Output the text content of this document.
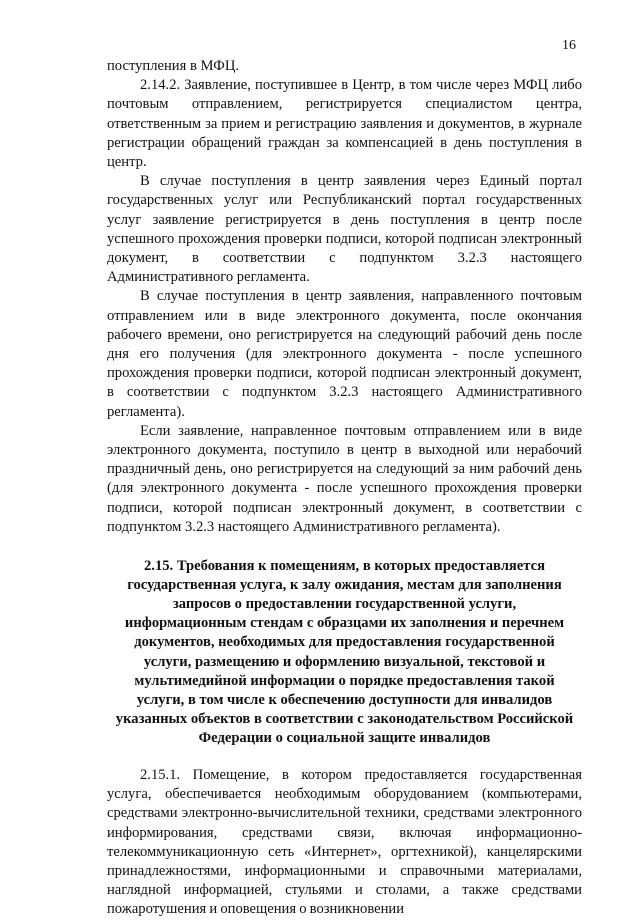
16

поступления в МФЦ.

2.14.2. Заявление, поступившее в Центр, в том числе через МФЦ либо почтовым отправлением, регистрируется специалистом центра, ответственным за прием и регистрацию заявления и документов, в журнале регистрации обращений граждан за компенсацией в день поступления в центр.

В случае поступления в центр заявления через Единый портал государственных услуг или Республиканский портал государственных услуг заявление регистрируется в день поступления в центр после успешного прохождения проверки подписи, которой подписан электронный документ, в соответствии с подпунктом 3.2.3 настоящего Административного регламента.

В случае поступления в центр заявления, направленного почтовым отправлением или в виде электронного документа, после окончания рабочего времени, оно регистрируется на следующий рабочий день после дня его получения (для электронного документа - после успешного прохождения проверки подписи, которой подписан электронный документ, в соответствии с подпунктом 3.2.3 настоящего Административного регламента).

Если заявление, направленное почтовым отправлением или в виде электронного документа, поступило в центр в выходной или нерабочий праздничный день, оно регистрируется на следующий за ним рабочий день (для электронного документа - после успешного прохождения проверки подписи, которой подписан электронный документ, в соответствии с подпунктом 3.2.3 настоящего Административного регламента).

2.15. Требования к помещениям, в которых предоставляется государственная услуга, к залу ожидания, местам для заполнения запросов о предоставлении государственной услуги, информационным стендам с образцами их заполнения и перечнем документов, необходимых для предоставления государственной услуги, размещению и оформлению визуальной, текстовой и мультимедийной информации о порядке предоставления такой услуги, в том числе к обеспечению доступности для инвалидов указанных объектов в соответствии с законодательством Российской Федерации о социальной защите инвалидов

2.15.1. Помещение, в котором предоставляется государственная услуга, обеспечивается необходимым оборудованием (компьютерами, средствами электронно-вычислительной техники, средствами электронного информирования, средствами связи, включая информационно-телекоммуникационную сеть «Интернет», оргтехникой), канцелярскими принадлежностями, информационными и справочными материалами, наглядной информацией, стульями и столами, а также средствами пожаротушения и оповещения о возникновении
